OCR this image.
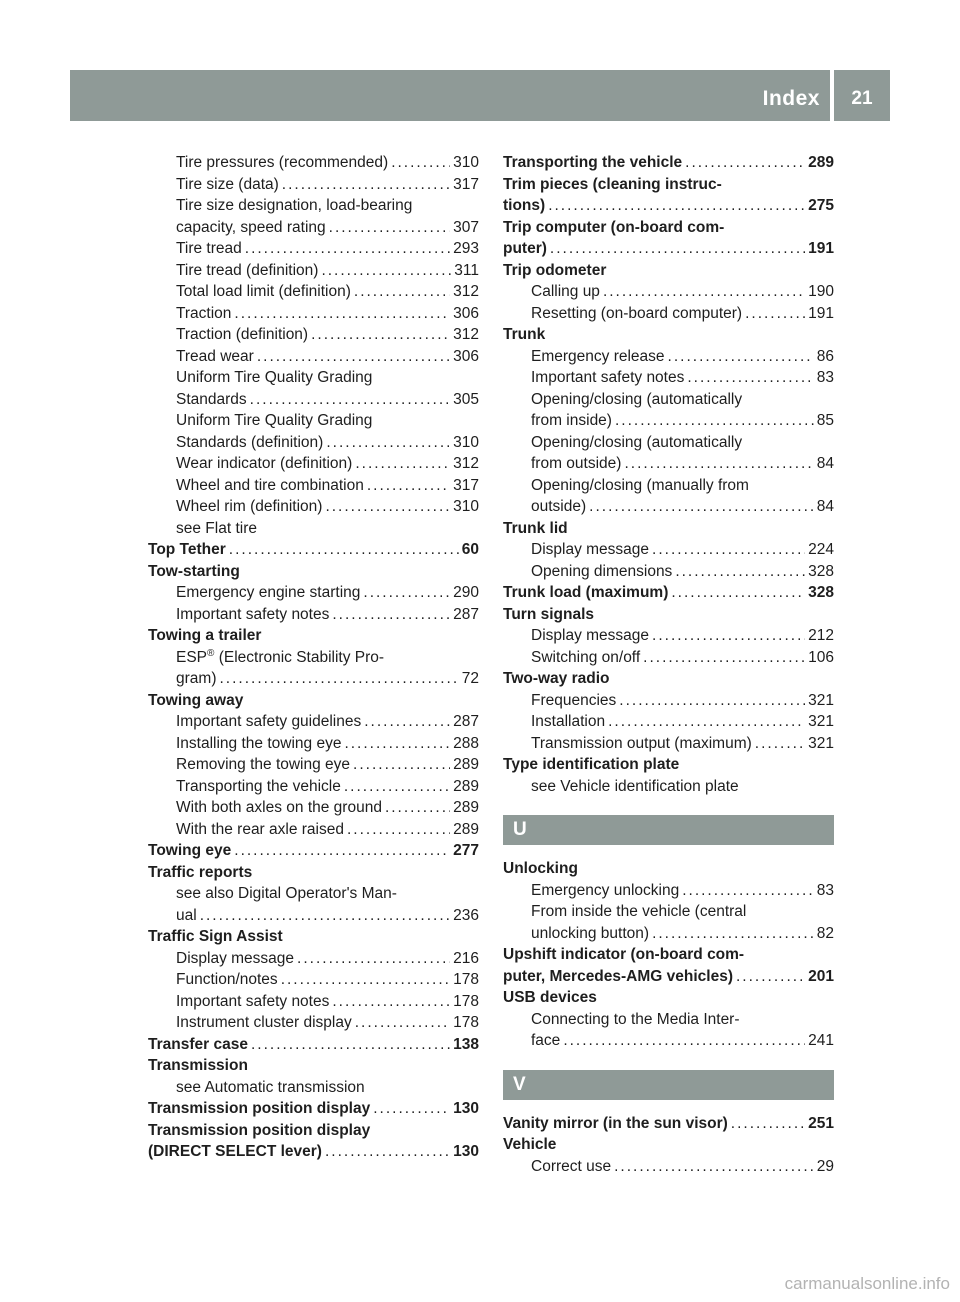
Index	21
Tire pressures (recommended) .....	310
Tire size (data) .....	317
Tire size designation, load-bearing
capacity, speed rating .....	307
Tire tread .....	293
Tire tread (definition) .....	311
Total load limit (definition) .....	312
Traction .....	306
Traction (definition) .....	312
Tread wear .....	306
Uniform Tire Quality Grading
Standards .....	305
Uniform Tire Quality Grading
Standards (definition) .....	310
Wear indicator (definition) .....	312
Wheel and tire combination .....	317
Wheel rim (definition) .....	310
see Flat tire
Top Tether .....	60
Tow-starting
Emergency engine starting .....	290
Important safety notes .....	287
Towing a trailer
ESP® (Electronic Stability Pro-
gram) .....	72
Towing away
Important safety guidelines .....	287
Installing the towing eye .....	288
Removing the towing eye .....	289
Transporting the vehicle .....	289
With both axles on the ground .....	289
With the rear axle raised .....	289
Towing eye .....	277
Traffic reports
see also Digital Operator's Man-
ual .....	236
Traffic Sign Assist
Display message .....	216
Function/notes .....	178
Important safety notes .....	178
Instrument cluster display .....	178
Transfer case .....	138
Transmission
see Automatic transmission
Transmission position display .....	130
Transmission position display
(DIRECT SELECT lever) .....	130
Transporting the vehicle .....	289
Trim pieces (cleaning instruc-
tions) .....	275
Trip computer (on-board com-
puter) .....	191
Trip odometer
Calling up .....	190
Resetting (on-board computer) .....	191
Trunk
Emergency release .....	86
Important safety notes .....	83
Opening/closing (automatically
from inside) .....	85
Opening/closing (automatically
from outside) .....	84
Opening/closing (manually from
outside) .....	84
Trunk lid
Display message .....	224
Opening dimensions .....	328
Trunk load (maximum) .....	328
Turn signals
Display message .....	212
Switching on/off .....	106
Two-way radio
Frequencies .....	321
Installation .....	321
Transmission output (maximum) .....	321
Type identification plate
see Vehicle identification plate
U
Unlocking
Emergency unlocking .....	83
From inside the vehicle (central
unlocking button) .....	82
Upshift indicator (on-board com-
puter, Mercedes-AMG vehicles) .....	201
USB devices
Connecting to the Media Inter-
face .....	241
V
Vanity mirror (in the sun visor) .....	251
Vehicle
Correct use .....	29
carmanualsonline.info
